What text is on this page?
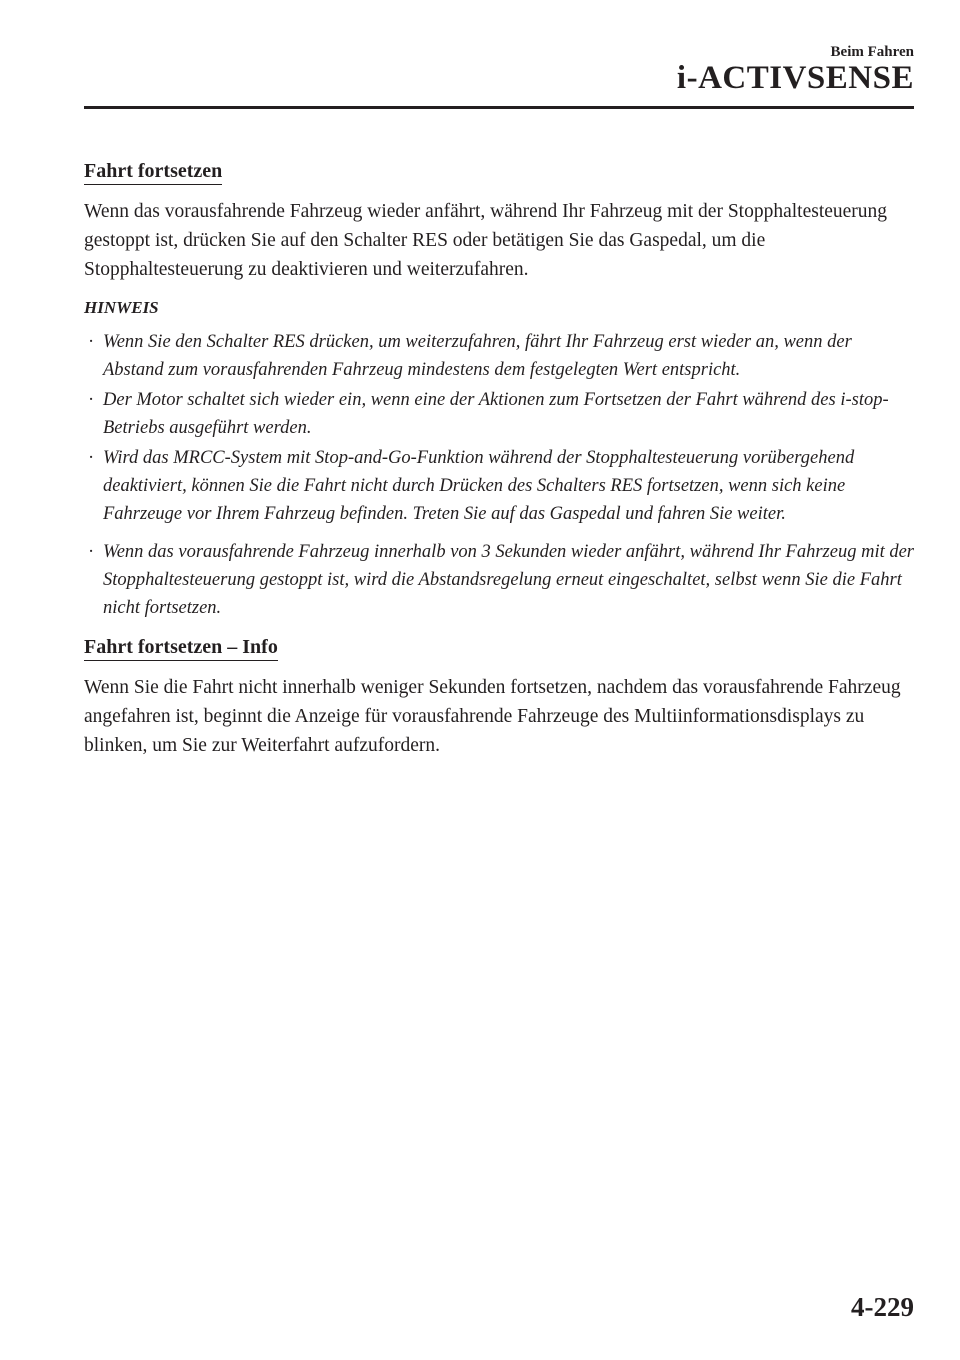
Beim Fahren
i-ACTIVSENSE
Fahrt fortsetzen

Wenn das vorausfahrende Fahrzeug wieder anfährt, während Ihr Fahrzeug mit der Stopphaltesteuerung gestoppt ist, drücken Sie auf den Schalter RES oder betätigen Sie das Gaspedal, um die Stopphaltesteuerung zu deaktivieren und weiterzufahren.

HINWEIS
· Wenn Sie den Schalter RES drücken, um weiterzufahren, fährt Ihr Fahrzeug erst wieder an, wenn der Abstand zum vorausfahrenden Fahrzeug mindestens dem festgelegten Wert entspricht.
· Der Motor schaltet sich wieder ein, wenn eine der Aktionen zum Fortsetzen der Fahrt während des i-stop-Betriebs ausgeführt werden.
· Wird das MRCC-System mit Stop-and-Go-Funktion während der Stopphaltesteuerung vorübergehend deaktiviert, können Sie die Fahrt nicht durch Drücken des Schalters RES fortsetzen, wenn sich keine Fahrzeuge vor Ihrem Fahrzeug befinden. Treten Sie auf das Gaspedal und fahren Sie weiter.
· Wenn das vorausfahrende Fahrzeug innerhalb von 3 Sekunden wieder anfährt, während Ihr Fahrzeug mit der Stopphaltesteuerung gestoppt ist, wird die Abstandsregelung erneut eingeschaltet, selbst wenn Sie die Fahrt nicht fortsetzen.
Fahrt fortsetzen – Info

Wenn Sie die Fahrt nicht innerhalb weniger Sekunden fortsetzen, nachdem das vorausfahrende Fahrzeug angefahren ist, beginnt die Anzeige für vorausfahrende Fahrzeuge des Multiinformationsdisplays zu blinken, um Sie zur Weiterfahrt aufzufordern.

4-229
